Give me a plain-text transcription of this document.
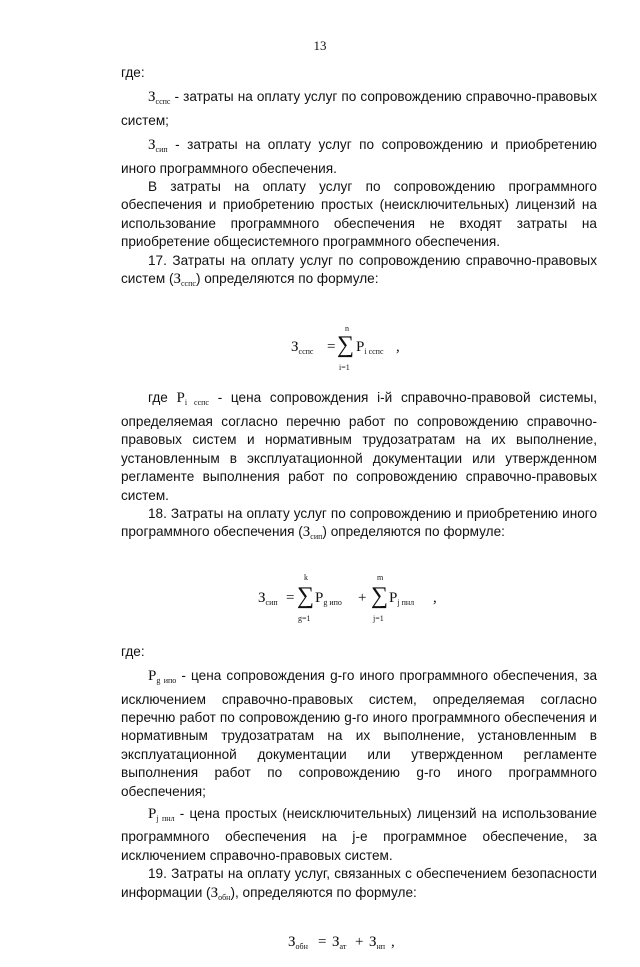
13

где:

$З_{сспс}$ - затраты на оплату услуг по сопровождению справочно-правовых систем;

$З_{сип}$ - затраты на оплату услуг по сопровождению и приобретению иного программного обеспечения.

В затраты на оплату услуг по сопровождению программного обеспечения и приобретению простых (неисключительных) лицензий на использование программного обеспечения не входят затраты на приобретение общесистемного программного обеспечения.

17. Затраты на оплату услуг по сопровождению справочно-правовых систем $(З_{сспс})$ определяются по формуле:

$З_{сспс}$ =
n
∑
i=1
$P_{i сспс}$ ,

где $P_{i сспс}$ - цена сопровождения i-й справочно-правовой системы, определяемая согласно перечню работ по сопровождению справочно-правовых систем и нормативным трудозатратам на их выполнение, установленным в эксплуатационной документации или утвержденном регламенте выполнения работ по сопровождению справочно-правовых систем.

18. Затраты на оплату услуг по сопровождению и приобретению иного программного обеспечения $(З_{сип})$ определяются по формуле:

$З_{сип}$ =
k
∑
g=1
$P_{g ипо}$ +
m
∑
j=1
$P_{j пнл}$ ,

где:

$P_{g ипо}$ - цена сопровождения g-го иного программного обеспечения, за исключением справочно-правовых систем, определяемая согласно перечню работ по сопровождению g-го иного программного обеспечения и нормативным трудозатратам на их выполнение, установленным в эксплуатационной документации или утвержденном регламенте выполнения работ по сопровождению g-го иного программного обеспечения;

$P_{j пнл}$ - цена простых (неисключительных) лицензий на использование программного обеспечения на j-е программное обеспечение, за исключением справочно-правовых систем.

19. Затраты на оплату услуг, связанных с обеспечением безопасности информации $(З_{обн})$, определяются по формуле:

$З_{обн} = З_{ат} + З_{нп}$ ,
